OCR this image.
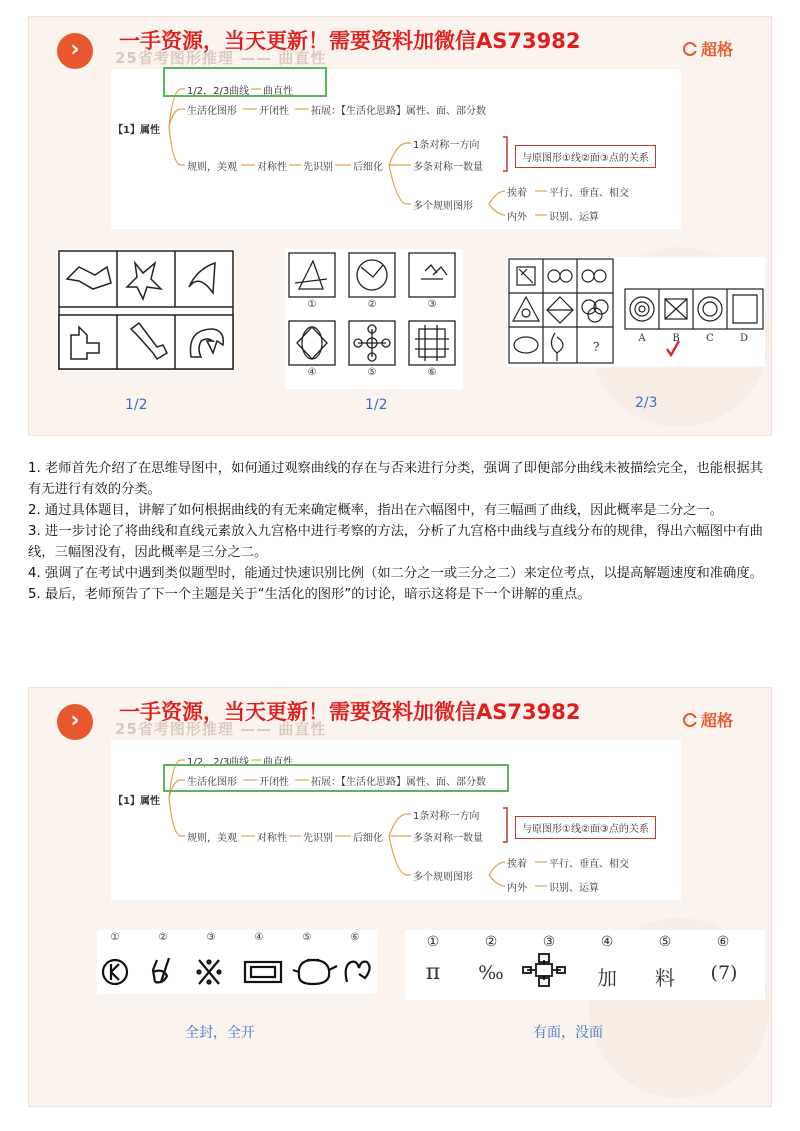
›	25省考图形推理 —— 曲直性
一手资源，当天更新！需要资料加微信AS73982	超格
【1】属性
1/2，2/3曲线 曲直性
生活化图形 开闭性 拓展：【生活化思路】属性、面、部分数
规则，美观 对称性 先识别 后细化
1条对称一方向
多条对称一数量
与原图形①线②面③点的关系
多个规则图形
挨着 平行、垂直、相交
内外 识别、运算
①	②	③
④	⑤	⑥
?
A	B	C	D
1/2	1/2	2/3

1. 老师首先介绍了在思维导图中，如何通过观察曲线的存在与否来进行分类，强调了即便部分曲线未被描绘完全，也能根据其有无进行有效的分类。

2. 通过具体题目，讲解了如何根据曲线的有无来确定概率，指出在六幅图中，有三幅画了曲线，因此概率是二分之一。

3. 进一步讨论了将曲线和直线元素放入九宫格中进行考察的方法，分析了九宫格中曲线与直线分布的规律，得出六幅图中有曲线，三幅图没有，因此概率是三分之二。

4. 强调了在考试中遇到类似题型时，能通过快速识别比例（如二分之一或三分之二）来定位考点，以提高解题速度和准确度。

5. 最后，老师预告了下一个主题是关于“生活化的图形”的讨论，暗示这将是下一个讲解的重点。

›	25省考图形推理 —— 曲直性
一手资源，当天更新！需要资料加微信AS73982	超格
【1】属性
1/2，2/3曲线 曲直性
生活化图形 开闭性 拓展：【生活化思路】属性、面、部分数
规则，美观 对称性 先识别 后细化
1条对称一方向
多条对称一数量
与原图形①线②面③点的关系
多个规则图形
挨着 平行、垂直、相交
内外 识别、运算
①	②	③	④	⑤	⑥	①	②	③	④	⑤	⑥
π	‰	加	料	(7)
全封，全开	有面，没面
